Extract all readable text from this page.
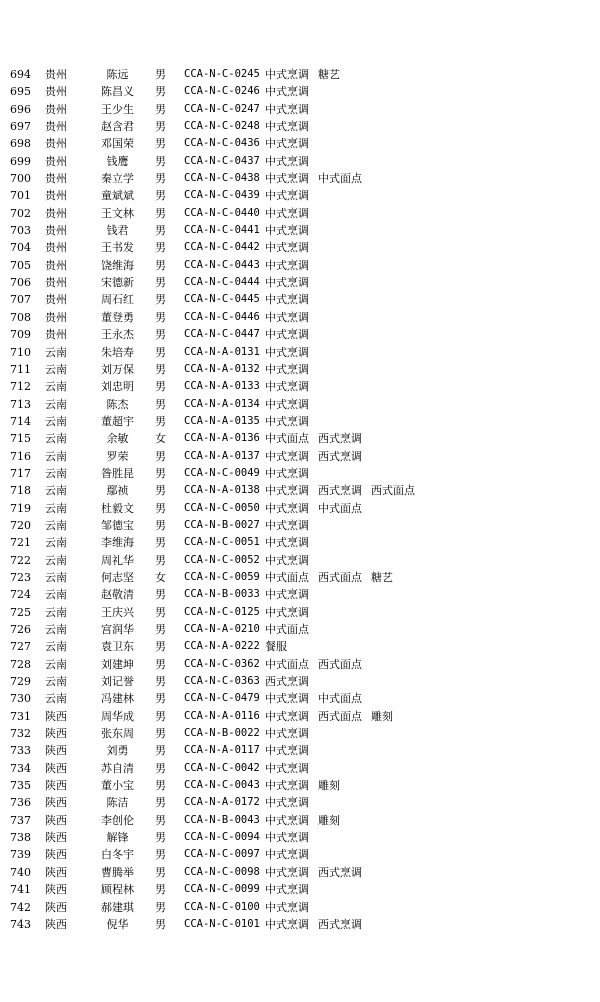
694 贵州	陈远	男 CCA-N-C-0245 中式烹调 糖艺
695 贵州	陈昌义	男 CCA-N-C-0246 中式烹调
696 贵州	王少生	男 CCA-N-C-0247 中式烹调
697 贵州	赵含君	男 CCA-N-C-0248 中式烹调
698 贵州	邓国荣	男 CCA-N-C-0436 中式烹调
699 贵州	钱鹰	男 CCA-N-C-0437 中式烹调
700 贵州	秦立学	男 CCA-N-C-0438 中式烹调 中式面点
701 贵州	童斌斌	男 CCA-N-C-0439 中式烹调
702 贵州	王文林	男 CCA-N-C-0440 中式烹调
703 贵州	钱君	男 CCA-N-C-0441 中式烹调
704 贵州	王书发	男 CCA-N-C-0442 中式烹调
705 贵州	饶维海	男 CCA-N-C-0443 中式烹调
706 贵州	宋德新	男 CCA-N-C-0444 中式烹调
707 贵州	周石红	男 CCA-N-C-0445 中式烹调
708 贵州	董登勇	男 CCA-N-C-0446 中式烹调
709 贵州	王永杰	男 CCA-N-C-0447 中式烹调
710 云南	朱培寿	男 CCA-N-A-0131 中式烹调
711 云南	刘万保	男 CCA-N-A-0132 中式烹调
712 云南	刘忠明	男 CCA-N-A-0133 中式烹调
713 云南	陈杰	男 CCA-N-A-0134 中式烹调
714 云南	董超宇	男 CCA-N-A-0135 中式烹调
715 云南	余敏	女 CCA-N-A-0136 中式面点 西式烹调
716 云南	罗荣	男 CCA-N-A-0137 中式烹调 西式烹调
717 云南	昝胜昆	男 CCA-N-C-0049 中式烹调
718 云南	鄢祯	男 CCA-N-A-0138 中式烹调 西式烹调 西式面点
719 云南	杜毅文	男 CCA-N-C-0050 中式烹调 中式面点
720 云南	邹德宝	男 CCA-N-B-0027 中式烹调
721 云南	李维海	男 CCA-N-C-0051 中式烹调
722 云南	周礼华	男 CCA-N-C-0052 中式烹调
723 云南	何志坚	女 CCA-N-C-0059 中式面点 西式面点 糖艺
724 云南	赵敬清	男 CCA-N-B-0033 中式烹调
725 云南	王庆兴	男 CCA-N-C-0125 中式烹调
726 云南	宫润华	男 CCA-N-A-0210 中式面点
727 云南	袁卫东	男 CCA-N-A-0222 餐服
728 云南	刘建坤	男 CCA-N-C-0362 中式面点 西式面点
729 云南	刘记誉	男 CCA-N-C-0363 西式烹调
730 云南	冯建林	男 CCA-N-C-0479 中式烹调 中式面点
731 陕西	周华成	男 CCA-N-A-0116 中式烹调 西式面点 雕刻
732 陕西	张东周	男 CCA-N-B-0022 中式烹调
733 陕西	刘勇	男 CCA-N-A-0117 中式烹调
734 陕西	苏自清	男 CCA-N-C-0042 中式烹调
735 陕西	董小宝	男 CCA-N-C-0043 中式烹调 雕刻
736 陕西	陈洁	男 CCA-N-A-0172 中式烹调
737 陕西	李创伦	男 CCA-N-B-0043 中式烹调 雕刻
738 陕西	解锋	男 CCA-N-C-0094 中式烹调
739 陕西	白冬宇	男 CCA-N-C-0097 中式烹调
740 陕西	曹腾举	男 CCA-N-C-0098 中式烹调 西式烹调
741 陕西	顾程林	男 CCA-N-C-0099 中式烹调
742 陕西	郝建琪	男 CCA-N-C-0100 中式烹调
743 陕西	倪华	男 CCA-N-C-0101 中式烹调 西式烹调
